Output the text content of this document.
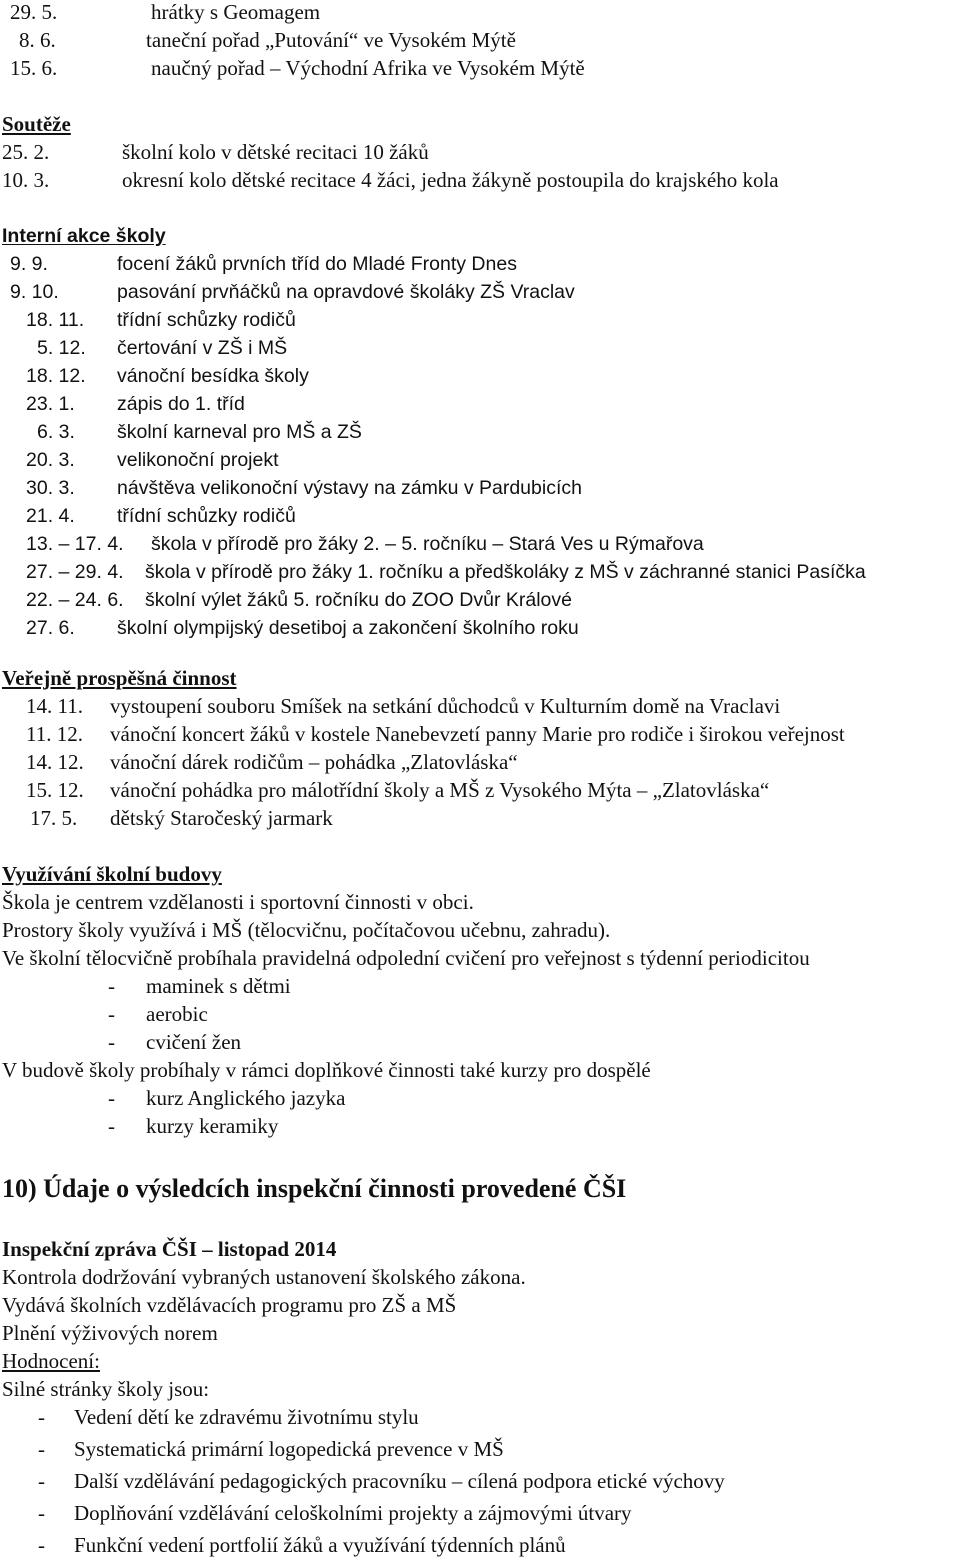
29. 5.	hrátky s Geomagem
8. 6.	taneční pořad „Putování“ ve Vysokém Mýtě
15. 6.	naučný pořad – Východní Afrika ve Vysokém Mýtě
Soutěže
25. 2.	školní kolo v dětské recitaci 10 žáků
10. 3.	okresní kolo dětské recitace 4 žáci, jedna žákyně postoupila do krajského kola
Interní akce školy
9. 9.	focení žáků prvních tříd do Mladé Fronty Dnes
9. 10.	pasování prvňáčků na opravdové školáky ZŠ Vraclav
18. 11. třídní schůzky rodičů
5. 12. čertování v ZŠ i MŠ
18. 12. vánoční besídka školy
23. 1. zápis do 1. tříd
6. 3. školní karneval pro MŠ a ZŠ
20. 3. velikonoční projekt
30. 3. návštěva velikonoční výstavy na zámku v Pardubicích
21. 4. třídní schůzky rodičů
13. – 17. 4. škola v přírodě pro žáky 2. – 5. ročníku – Stará Ves u Rýmařova
27. – 29. 4. škola v přírodě pro žáky 1. ročníku a předškoláky z MŠ v záchranné stanici Pasíčka
22. – 24. 6. školní výlet žáků 5. ročníku do ZOO Dvůr Králové
27. 6. školní olympijský desetiboj a zakončení školního roku
Veřejně prospěšná činnost
14. 11. vystoupení souboru Smíšek na setkání důchodců v Kulturním domě na Vraclavi
11. 12. vánoční koncert žáků v kostele Nanebevzetí panny Marie pro rodiče i širokou veřejnost
14. 12. vánoční dárek rodičům – pohádka „Zlatovláska“
15. 12. vánoční pohádka pro málotřídní školy a MŠ z Vysokého Mýta – „Zlatovláska“
17. 5. dětský Staročeský jarmark
Využívání školní budovy
Škola je centrem vzdělanosti i sportovní činnosti v obci.
Prostory školy využívá i MŠ (tělocvičnu, počítačovou učebnu, zahradu).
Ve školní tělocvičně probíhala pravidelná odpolední cvičení pro veřejnost s týdenní periodicitou
- maminek s dětmi
- aerobic
- cvičení žen
V budově školy probíhaly v rámci doplňkové činnosti také kurzy pro dospělé
- kurz Anglického jazyka
- kurzy keramiky
10) Údaje o výsledcích inspekční činnosti provedené ČŠI
Inspekční zpráva ČŠI – listopad 2014
Kontrola dodržování vybraných ustanovení školského zákona.
Vydává školních vzdělávacích programu pro ZŠ a MŠ
Plnění výživových norem
Hodnocení:
Silné stránky školy jsou:
- Vedení dětí ke zdravému životnímu stylu
- Systematická primární logopedická prevence v MŠ
- Další vzdělávání pedagogických pracovníku – cílená podpora etické výchovy
- Doplňování vzdělávání celoškolními projekty a zájmovými útvary
- Funkční vedení portfolií žáků a využívání týdenních plánů
